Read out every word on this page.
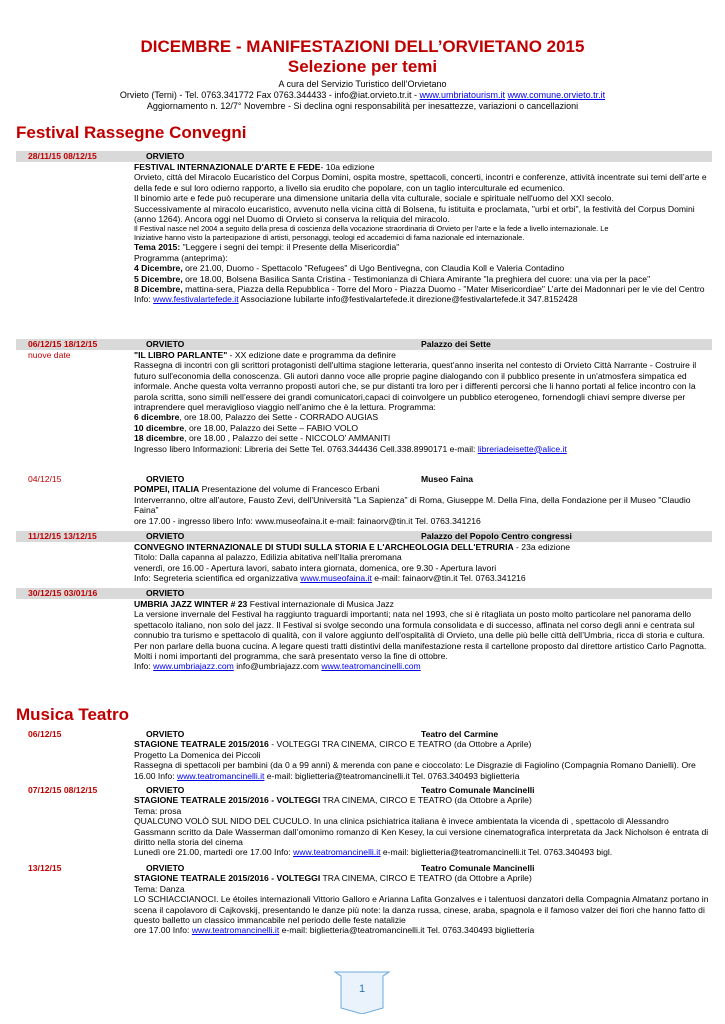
DICEMBRE - MANIFESTAZIONI DELL’ORVIETANO 2015
Selezione per temi
A cura del Servizio Turistico dell’Orvietano
Orvieto (Terni) - Tel. 0763.341772 Fax 0763.344433 - info@iat.orvieto.tr.it - www.umbriatourism.it www.comune.orvieto.tr.it
Aggiornamento n. 12/7° Novembre - Si declina ogni responsabilità per inesattezze, variazioni o cancellazioni
Festival Rassegne Convegni
28/11/15 08/12/15	ORVIETO
FESTIVAL INTERNAZIONALE D'ARTE E FEDE- 10a edizione
Orvieto, città del Miracolo Eucaristico del Corpus Domini, ospita mostre, spettacoli, concerti, incontri e conferenze, attività incentrate sui temi dell’arte e della fede e sul loro odierno rapporto, a livello sia erudito che popolare, con un taglio interculturale ed ecumenico.
Il binomio arte e fede può recuperare una dimensione unitaria della vita culturale, sociale e spirituale nell'uomo del XXI secolo.
Successivamente al miracolo eucaristico, avvenuto nella vicina città di Bolsena, fu istituita e proclamata, "urbi et orbi", la festività del Corpus Domini (anno 1264). Ancora oggi nel Duomo di Orvieto si conserva la reliquia del miracolo.
Il Festival nasce nel 2004 a seguito della presa di coscienza della vocazione straordinaria di Orvieto per l’arte e la fede a livello internazionale. Le
Iniziative hanno visto la partecipazione di artisti, personaggi, teologi ed accademici di fama nazionale ed internazionale.
Tema 2015: "Leggere i segni dei tempi: il Presente della Misericordia"
Programma (anteprima):
4 Dicembre, ore 21.00, Duomo - Spettacolo "Refugees" di Ugo Bentivegna, con Claudia Koll e Valeria Contadino
5 Dicembre, ore 18.00, Bolsena Basilica Santa Cristina - Testimonianza di Chiara Amirante "la preghiera del cuore: una via per la pace"
8 Dicembre, mattina-sera, Piazza della Repubblica - Torre del Moro - Piazza Duomo - "Mater Misericordiae" L’arte dei Madonnari per le vie del Centro
Info: www.festivalartefede.it Associazione Iubilarte info@festivalartefede.it direzione@festivalartefede.it 347.8152428
06/12/15 18/12/15	ORVIETO	Palazzo dei Sette
nuove date	"IL LIBRO PARLANTE" - XX edizione date e programma da definire
Rassegna di incontri con gli scrittori protagonisti dell'ultima stagione letteraria, quest'anno inserita nel contesto di Orvieto Città Narrante - Costruire il futuro sull'economia della conoscenza. Gli autori danno voce alle proprie pagine dialogando con il pubblico presente in un'atmosfera simpatica ed informale. Anche questa volta verranno proposti autori che, se pur distanti tra loro per i differenti percorsi che li hanno portati al felice incontro con la parola scritta, sono simili nell’essere dei grandi comunicatori,capaci di coinvolgere un pubblico eterogeneo, fornendogli chiavi sempre diverse per intraprendere quel meraviglioso viaggio nell’animo che è la lettura. Programma:
6 dicembre, ore 18.00, Palazzo dei Sette - CORRADO AUGIAS
10 dicembre, ore 18.00, Palazzo dei Sette – FABIO VOLO
18 dicembre, ore 18.00 , Palazzo dei sette - NICCOLO' AMMANITI
Ingresso libero Informazioni: Libreria dei Sette Tel. 0763.344436 Cell.338.8990171 e-mail: libreriadeisette@alice.it
04/12/15	ORVIETO	Museo Faina
POMPEI, ITALIA Presentazione del volume di Francesco Erbani
Interverranno, oltre all'autore, Fausto Zevi, dell'Università "La Sapienza" di Roma, Giuseppe M. Della Fina, della Fondazione per il Museo "Claudio Faina"
ore 17.00 - ingresso libero Info: www.museofaina.it e-mail: fainaorv@tin.it Tel. 0763.341216
11/12/15 13/12/15	ORVIETO	Palazzo del Popolo Centro congressi
CONVEGNO INTERNAZIONALE DI STUDI SULLA STORIA E L'ARCHEOLOGIA DELL'ETRURIA - 23a edizione
Titolo: Dalla capanna al palazzo, Edilizia abitativa nell’Italia preromana
venerdì, ore 16.00 - Apertura lavori, sabato intera giornata, domenica, ore 9.30 - Apertura lavori
Info: Segreteria scientifica ed organizzativa www.museofaina.it e-mail: fainaorv@tin.it Tel. 0763.341216
30/12/15 03/01/16	ORVIETO
UMBRIA JAZZ WINTER # 23 Festival internazionale di Musica Jazz
La versione invernale del Festival ha raggiunto traguardi importanti; nata nel 1993, che si è ritagliata un posto molto particolare nel panorama dello spettacolo italiano, non solo del jazz. Il Festival si svolge secondo una formula consolidata e di successo, affinata nel corso degli anni e centrata sul connubio tra turismo e spettacolo di qualità, con il valore aggiunto dell’ospitalità di Orvieto, una delle più belle città dell’Umbria, ricca di storia e cultura. Per non parlare della buona cucina. A legare questi tratti distintivi della manifestazione resta il cartellone proposto dal direttore artistico Carlo Pagnotta.
Molti i nomi importanti del programma, che sarà presentato verso la fine di ottobre.
Info: www.umbriajazz.com info@umbriajazz.com www.teatromancinelli.com
Musica Teatro
06/12/15	ORVIETO	Teatro del Carmine
STAGIONE TEATRALE 2015/2016 - VOLTEGGI TRA CINEMA, CIRCO E TEATRO (da Ottobre a Aprile)
Progetto La Domenica dei Piccoli
Rassegna di spettacoli per bambini (da 0 a 99 anni) & merenda con pane e cioccolato: Le Disgrazie di Fagiolino (Compagnia Romano Danielli). Ore 16.00 Info: www.teatromancinelli.it e-mail: biglietteria@teatromancinelli.it Tel. 0763.340493 biglietteria
07/12/15 08/12/15	ORVIETO	Teatro Comunale Mancinelli
STAGIONE TEATRALE 2015/2016 - VOLTEGGI TRA CINEMA, CIRCO E TEATRO (da Ottobre a Aprile)
Tema: prosa
QUALCUNO VOLÒ SUL NIDO DEL CUCULO. In una clinica psichiatrica italiana è invece ambientata la vicenda di , spettacolo di Alessandro Gassmann scritto da Dale Wasserman dall’omonimo romanzo di Ken Kesey, la cui versione cinematografica interpretata da Jack Nicholson è entrata di diritto nella storia del cinema
Lunedì ore 21.00, martedì ore 17.00 Info: www.teatromancinelli.it e-mail: biglietteria@teatromancinelli.it Tel. 0763.340493 bigl.
13/12/15	ORVIETO	Teatro Comunale Mancinelli
STAGIONE TEATRALE 2015/2016 - VOLTEGGI TRA CINEMA, CIRCO E TEATRO (da Ottobre a Aprile)
Tema: Danza
LO SCHIACCIANOCI. Le étoiles internazionali Vittorio Galloro e Arianna Lafita Gonzalves e i talentuosi danzatori della Compagnia Almatanz portano in scena il capolavoro di Cajkovskij, presentando le danze più note: la danza russa, cinese, araba, spagnola e il famoso valzer dei fiori che hanno fatto di questo balletto un classico immancabile nel periodo delle feste natalizie
ore 17.00 Info: www.teatromancinelli.it e-mail: biglietteria@teatromancinelli.it Tel. 0763.340493 biglietteria
1
